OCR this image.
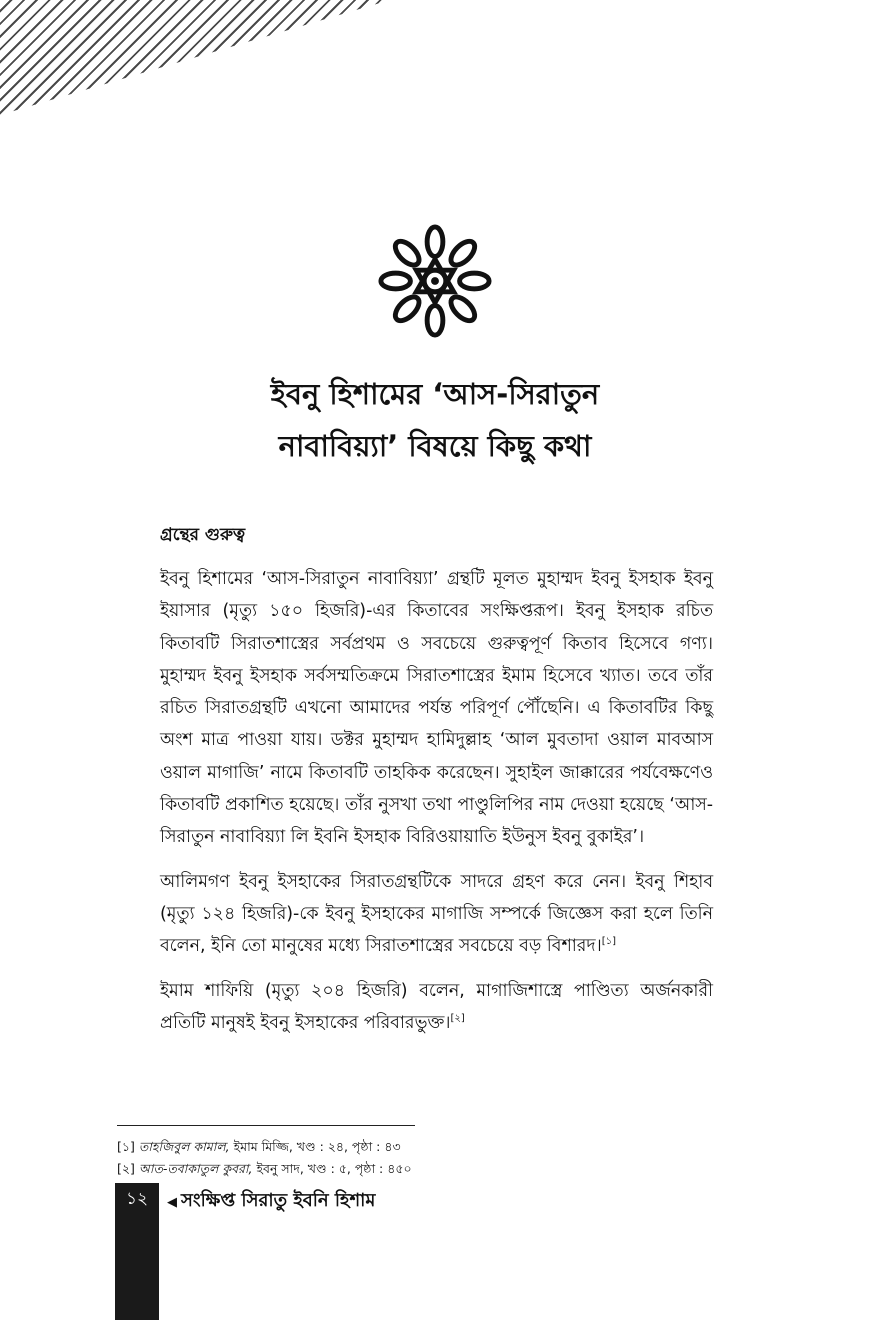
ইবনু হিশামের ‘আস-সিরাতুন
নাবাবিয়্যা’ বিষয়ে কিছু কথা
গ্রন্থের গুরুত্ব

ইবনু হিশামের ‘আস-সিরাতুন নাবাবিয়্যা’ গ্রন্থটি মূলত মুহাম্মদ ইবনু ইসহাক ইবনু ইয়াসার (মৃত্যু ১৫০ হিজরি)-এর কিতাবের সংক্ষিপ্তরূপ। ইবনু ইসহাক রচিত কিতাবটি সিরাতশাস্ত্রের সর্বপ্রথম ও সবচেয়ে গুরুত্বপূর্ণ কিতাব হিসেবে গণ্য। মুহাম্মদ ইবনু ইসহাক সর্বসম্মতিক্রমে সিরাতশাস্ত্রের ইমাম হিসেবে খ্যাত। তবে তাঁর রচিত সিরাতগ্রন্থটি এখনো আমাদের পর্যন্ত পরিপূর্ণ পৌঁছেনি। এ কিতাবটির কিছু অংশ মাত্র পাওয়া যায়। ডক্টর মুহাম্মদ হামিদুল্লাহ ‘আল মুবতাদা ওয়াল মাবআস ওয়াল মাগাজি’ নামে কিতাবটি তাহকিক করেছেন। সুহাইল জাক্কারের পর্যবেক্ষণেও কিতাবটি প্রকাশিত হয়েছে। তাঁর নুসখা তথা পাণ্ডুলিপির নাম দেওয়া হয়েছে ‘আস-সিরাতুন নাবাবিয়্যা লি ইবনি ইসহাক বিরিওয়ায়াতি ইউনুস ইবনু বুকাইর’।

আলিমগণ ইবনু ইসহাকের সিরাতগ্রন্থটিকে সাদরে গ্রহণ করে নেন। ইবনু শিহাব (মৃত্যু ১২৪ হিজরি)-কে ইবনু ইসহাকের মাগাজি সম্পর্কে জিজ্ঞেস করা হলে তিনি বলেন, ইনি তো মানুষের মধ্যে সিরাতশাস্ত্রের সবচেয়ে বড় বিশারদ।[১]

ইমাম শাফিয়ি (মৃত্যু ২০৪ হিজরি) বলেন, মাগাজিশাস্ত্রে পাণ্ডিত্য অর্জনকারী প্রতিটি মানুষই ইবনু ইসহাকের পরিবারভুক্ত।[২]

[১] তাহজিবুল কামাল, ইমাম মিজ্জি, খণ্ড : ২৪, পৃষ্ঠা : ৪৩
[২] আত-তবাকাতুল কুবরা, ইবনু সাদ, খণ্ড : ৫, পৃষ্ঠা : ৪৫০
১২	◀ সংক্ষিপ্ত সিরাতু ইবনি হিশাম
